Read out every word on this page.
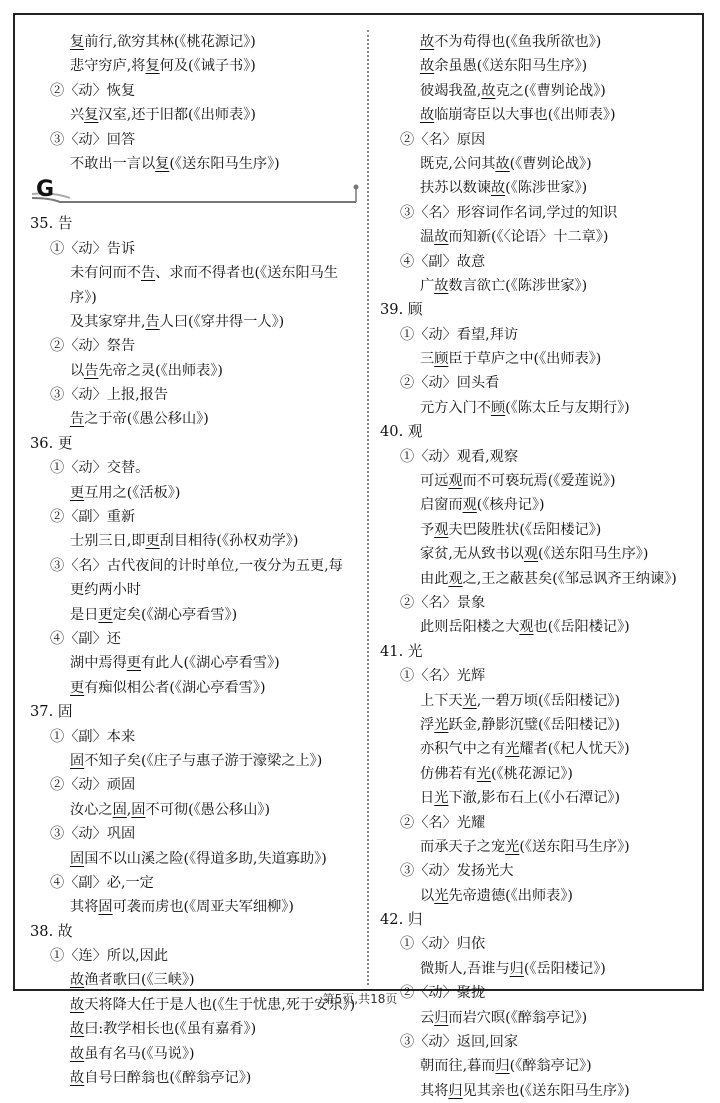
复前行,欲穷其林(《桃花源记》)
悲守穷庐,将复何及(《诫子书》)
②〈动〉恢复
兴复汉室,还于旧都(《出师表》)
③〈动〉回答
不敢出一言以复(《送东阳马生序》)
G
35. 告
①〈动〉告诉
未有问而不告、求而不得者也(《送东阳马生
序》)
及其家穿井,告人曰(《穿井得一人》)
②〈动〉祭告
以告先帝之灵(《出师表》)
③〈动〉上报,报告
告之于帝(《愚公移山》)
36. 更
①〈动〉交替。
更互用之(《活板》)
②〈副〉重新
士别三日,即更刮目相待(《孙权劝学》)
③〈名〉古代夜间的计时单位,一夜分为五更,每
更约两小时
是日更定矣(《湖心亭看雪》)
④〈副〉还
湖中焉得更有此人(《湖心亭看雪》)
更有痴似相公者(《湖心亭看雪》)
37. 固
①〈副〉本来
固不知子矣(《庄子与惠子游于濠梁之上》)
②〈动〉顽固
汝心之固,固不可彻(《愚公移山》)
③〈动〉巩固
固国不以山溪之险(《得道多助,失道寡助》)
④〈副〉必,一定
其将固可袭而虏也(《周亚夫军细柳》)
38. 故
①〈连〉所以,因此
故渔者歌曰(《三峡》)
故天将降大任于是人也(《生于忧患,死于安乐》)
故曰:教学相长也(《虽有嘉肴》)
故虽有名马(《马说》)
故自号曰醉翁也(《醉翁亭记》)
故不为苟得也(《鱼我所欲也》)
故余虽愚(《送东阳马生序》)
彼竭我盈,故克之(《曹刿论战》)
故临崩寄臣以大事也(《出师表》)
②〈名〉原因
既克,公问其故(《曹刿论战》)
扶苏以数谏故(《陈涉世家》)
③〈名〉形容词作名词,学过的知识
温故而知新(《〈论语〉十二章》)
④〈副〉故意
广故数言欲亡(《陈涉世家》)
39. 顾
①〈动〉看望,拜访
三顾臣于草庐之中(《出师表》)
②〈动〉回头看
元方入门不顾(《陈太丘与友期行》)
40. 观
①〈动〉观看,观察
可远观而不可亵玩焉(《爱莲说》)
启窗而观(《核舟记》)
予观夫巴陵胜状(《岳阳楼记》)
家贫,无从致书以观(《送东阳马生序》)
由此观之,王之蔽甚矣(《邹忌讽齐王纳谏》)
②〈名〉景象
此则岳阳楼之大观也(《岳阳楼记》)
41. 光
①〈名〉光辉
上下天光,一碧万顷(《岳阳楼记》)
浮光跃金,静影沉璧(《岳阳楼记》)
亦积气中之有光耀者(《杞人忧天》)
仿佛若有光(《桃花源记》)
日光下澈,影布石上(《小石潭记》)
②〈名〉光耀
而承天子之宠光(《送东阳马生序》)
③〈动〉发扬光大
以光先帝遗德(《出师表》)
42. 归
①〈动〉归依
微斯人,吾谁与归(《岳阳楼记》)
②〈动〉聚拢
云归而岩穴暝(《醉翁亭记》)
③〈动〉返回,回家
朝而往,暮而归(《醉翁亭记》)
其将归见其亲也(《送东阳马生序》)
第5页,共18页
